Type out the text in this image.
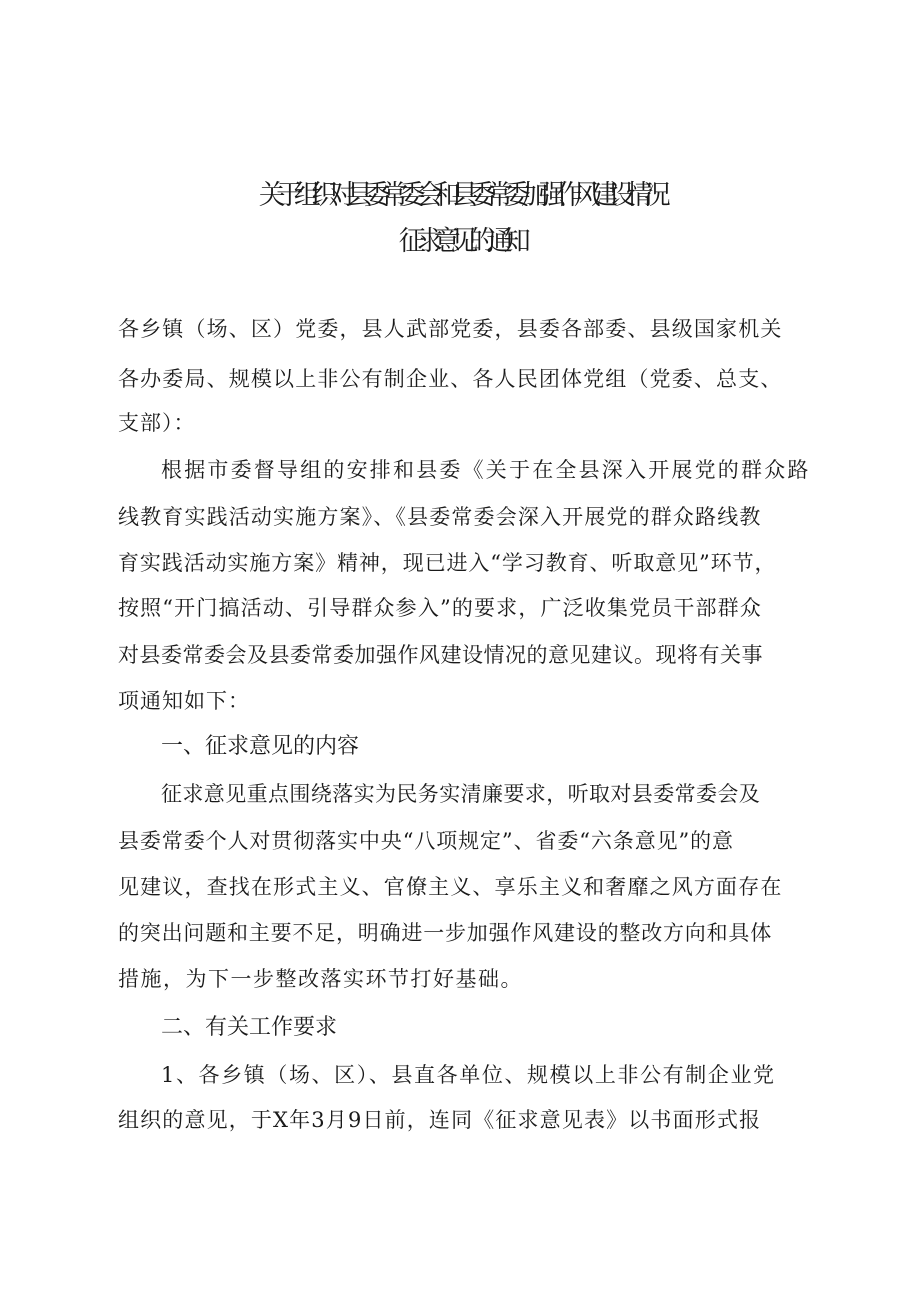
关于组织对县委常委会和县委常委加强作风建设情况
征求意见的通知
各乡镇（场、区）党委，县人武部党委，县委各部委、县级国家机关
各办委局、规模以上非公有制企业、各人民团体党组（党委、总支、
支部）：
根据市委督导组的安排和县委《关于在全县深入开展党的群众路
线教育实践活动实施方案》、《县委常委会深入开展党的群众路线教
育实践活动实施方案》精神，现已进入“学习教育、听取意见”环节，
按照“开门搞活动、引导群众参入”的要求，广泛收集党员干部群众
对县委常委会及县委常委加强作风建设情况的意见建议。现将有关事
项通知如下：
一、征求意见的内容
征求意见重点围绕落实为民务实清廉要求，听取对县委常委会及
县委常委个人对贯彻落实中央“八项规定”、省委“六条意见”的意
见建议，查找在形式主义、官僚主义、享乐主义和奢靡之风方面存在
的突出问题和主要不足，明确进一步加强作风建设的整改方向和具体
措施，为下一步整改落实环节打好基础。
二、有关工作要求
1、各乡镇（场、区）、县直各单位、规模以上非公有制企业党
组织的意见，于X年3月9日前，连同《征求意见表》以书面形式报
